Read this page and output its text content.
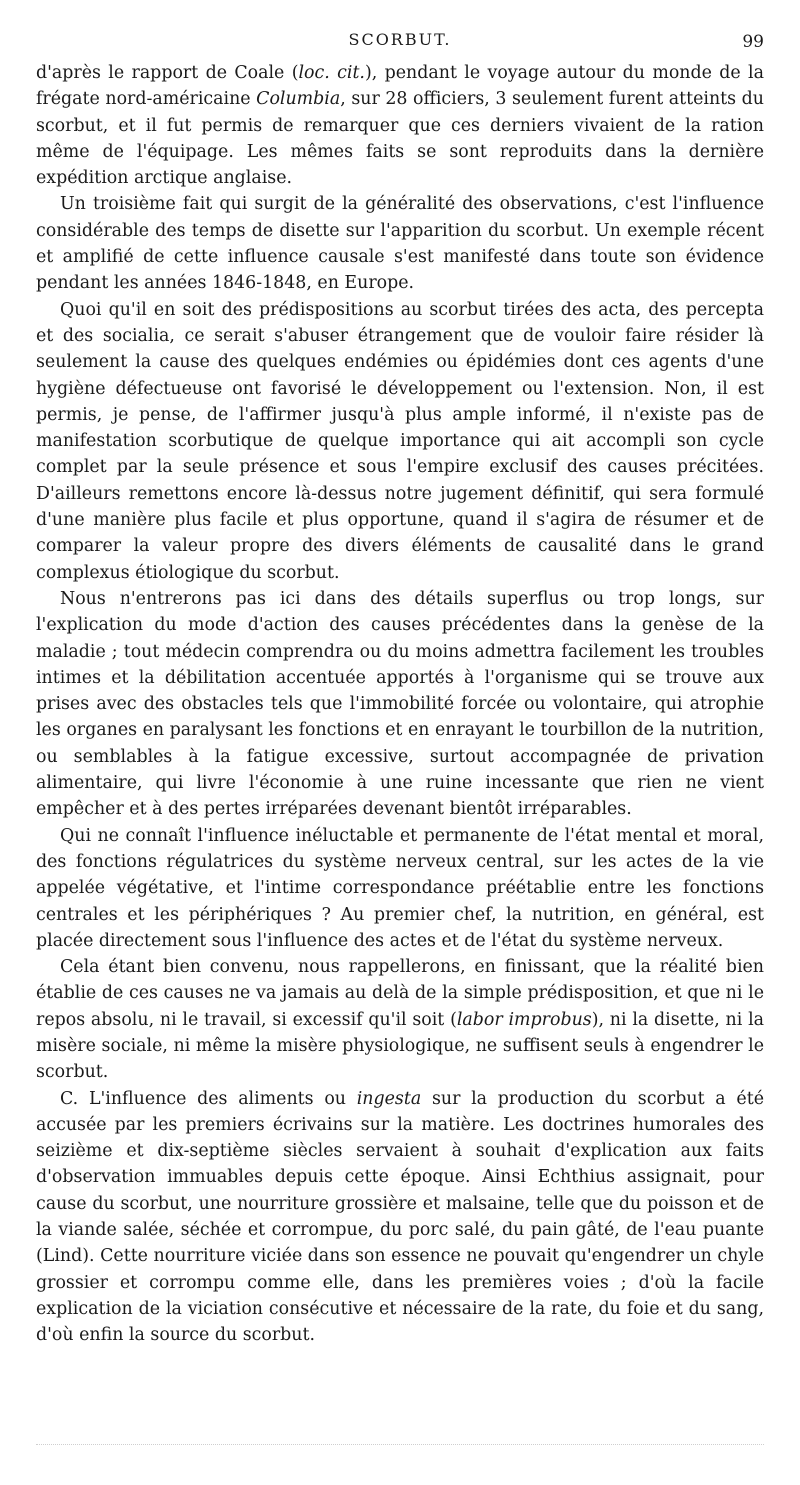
SCORBUT.	99

d'après le rapport de Coale (loc. cit.), pendant le voyage autour du monde de la frégate nord-américaine Columbia, sur 28 officiers, 3 seulement furent atteints du scorbut, et il fut permis de remarquer que ces derniers vivaient de la ration même de l'équipage. Les mêmes faits se sont reproduits dans la dernière expédition arctique anglaise.

Un troisième fait qui surgit de la généralité des observations, c'est l'influence considérable des temps de disette sur l'apparition du scorbut. Un exemple récent et amplifié de cette influence causale s'est manifesté dans toute son évidence pendant les années 1846-1848, en Europe.

Quoi qu'il en soit des prédispositions au scorbut tirées des acta, des percepta et des socialia, ce serait s'abuser étrangement que de vouloir faire résider là seulement la cause des quelques endémies ou épidémies dont ces agents d'une hygiène défectueuse ont favorisé le développement ou l'extension. Non, il est permis, je pense, de l'affirmer jusqu'à plus ample informé, il n'existe pas de manifestation scorbutique de quelque importance qui ait accompli son cycle complet par la seule présence et sous l'empire exclusif des causes précitées. D'ailleurs remettons encore là-dessus notre jugement définitif, qui sera formulé d'une manière plus facile et plus opportune, quand il s'agira de résumer et de comparer la valeur propre des divers éléments de causalité dans le grand complexus étiologique du scorbut.

Nous n'entrerons pas ici dans des détails superflus ou trop longs, sur l'explication du mode d'action des causes précédentes dans la genèse de la maladie ; tout médecin comprendra ou du moins admettra facilement les troubles intimes et la débilitation accentuée apportés à l'organisme qui se trouve aux prises avec des obstacles tels que l'immobilité forcée ou volontaire, qui atrophie les organes en paralysant les fonctions et en enrayant le tourbillon de la nutrition, ou semblables à la fatigue excessive, surtout accompagnée de privation alimentaire, qui livre l'économie à une ruine incessante que rien ne vient empêcher et à des pertes irréparées devenant bientôt irréparables.

Qui ne connaît l'influence inéluctable et permanente de l'état mental et moral, des fonctions régulatrices du système nerveux central, sur les actes de la vie appelée végétative, et l'intime correspondance préétablie entre les fonctions centrales et les périphériques ? Au premier chef, la nutrition, en général, est placée directement sous l'influence des actes et de l'état du système nerveux.

Cela étant bien convenu, nous rappellerons, en finissant, que la réalité bien établie de ces causes ne va jamais au delà de la simple prédisposition, et que ni le repos absolu, ni le travail, si excessif qu'il soit (labor improbus), ni la disette, ni la misère sociale, ni même la misère physiologique, ne suffisent seuls à engendrer le scorbut.

C. L'influence des aliments ou ingesta sur la production du scorbut a été accusée par les premiers écrivains sur la matière. Les doctrines humorales des seizième et dix-septième siècles servaient à souhait d'explication aux faits d'observation immuables depuis cette époque. Ainsi Echthius assignait, pour cause du scorbut, une nourriture grossière et malsaine, telle que du poisson et de la viande salée, séchée et corrompue, du porc salé, du pain gâté, de l'eau puante (Lind). Cette nourriture viciée dans son essence ne pouvait qu'engendrer un chyle grossier et corrompu comme elle, dans les premières voies ; d'où la facile explication de la viciation consécutive et nécessaire de la rate, du foie et du sang, d'où enfin la source du scorbut.
